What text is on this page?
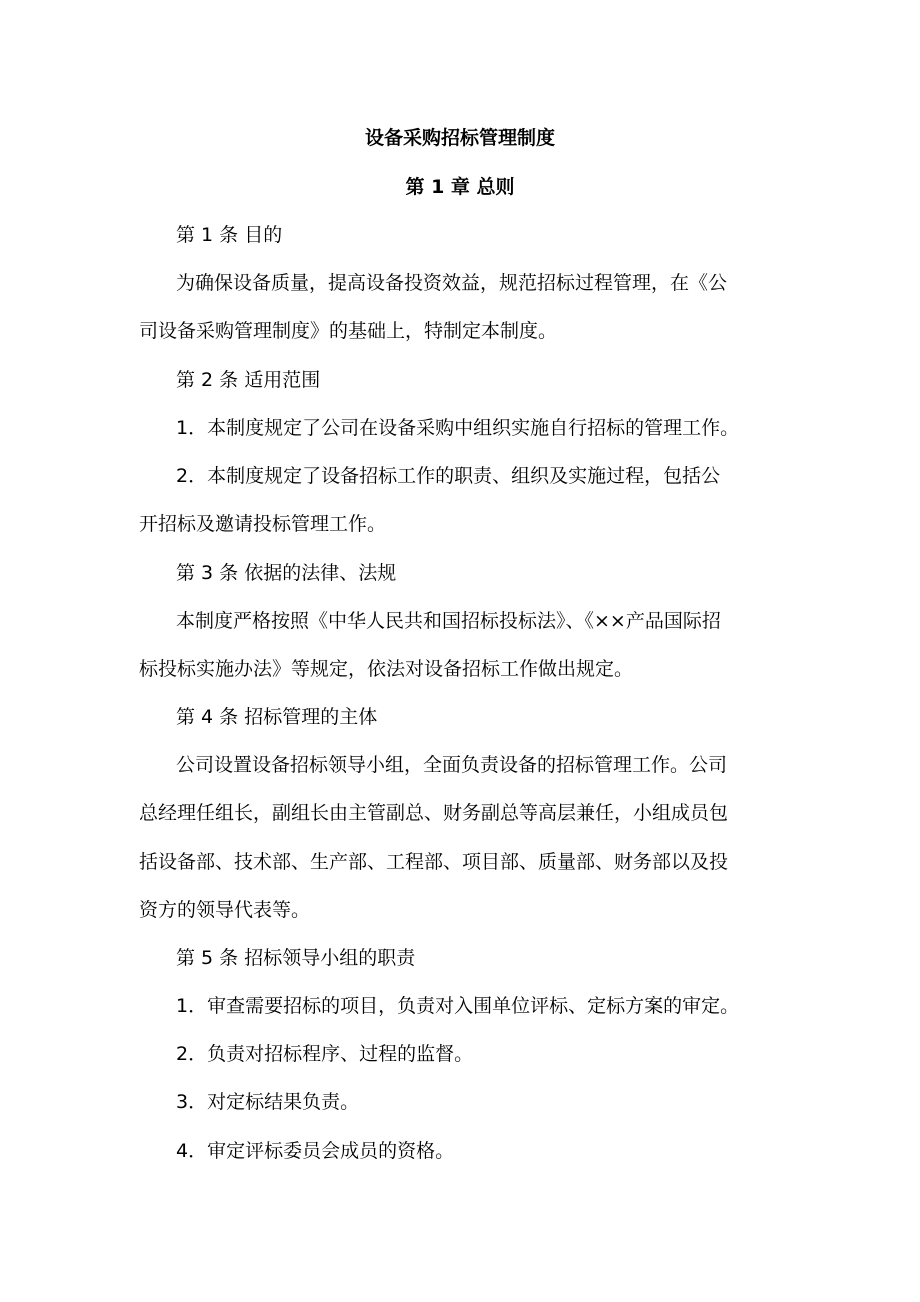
设备采购招标管理制度
第 1 章 总则
第 1 条 目的
为确保设备质量，提高设备投资效益，规范招标过程管理，在《公
司设备采购管理制度》的基础上，特制定本制度。
第 2 条 适用范围
1．本制度规定了公司在设备采购中组织实施自行招标的管理工作。
2．本制度规定了设备招标工作的职责、组织及实施过程，包括公
开招标及邀请投标管理工作。
第 3 条 依据的法律、法规
本制度严格按照《中华人民共和国招标投标法》、《××产品国际招
标投标实施办法》等规定，依法对设备招标工作做出规定。
第 4 条 招标管理的主体
公司设置设备招标领导小组，全面负责设备的招标管理工作。公司
总经理任组长，副组长由主管副总、财务副总等高层兼任，小组成员包
括设备部、技术部、生产部、工程部、项目部、质量部、财务部以及投
资方的领导代表等。
第 5 条 招标领导小组的职责
1．审查需要招标的项目，负责对入围单位评标、定标方案的审定。
2．负责对招标程序、过程的监督。
3．对定标结果负责。
4．审定评标委员会成员的资格。
